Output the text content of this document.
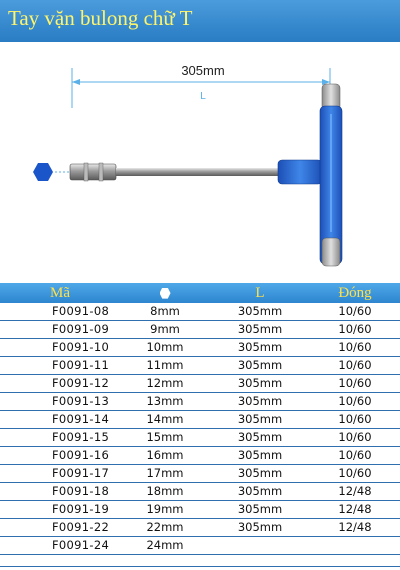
Tay vặn bulong chữ T
305mm
L
Mã		L	Đóng
F0091-08	8mm	305mm	10/60
F0091-09	9mm	305mm	10/60
F0091-10	10mm	305mm	10/60
F0091-11	11mm	305mm	10/60
F0091-12	12mm	305mm	10/60
F0091-13	13mm	305mm	10/60
F0091-14	14mm	305mm	10/60
F0091-15	15mm	305mm	10/60
F0091-16	16mm	305mm	10/60
F0091-17	17mm	305mm	10/60
F0091-18	18mm	305mm	12/48
F0091-19	19mm	305mm	12/48
F0091-22	22mm	305mm	12/48
F0091-24	24mm		
